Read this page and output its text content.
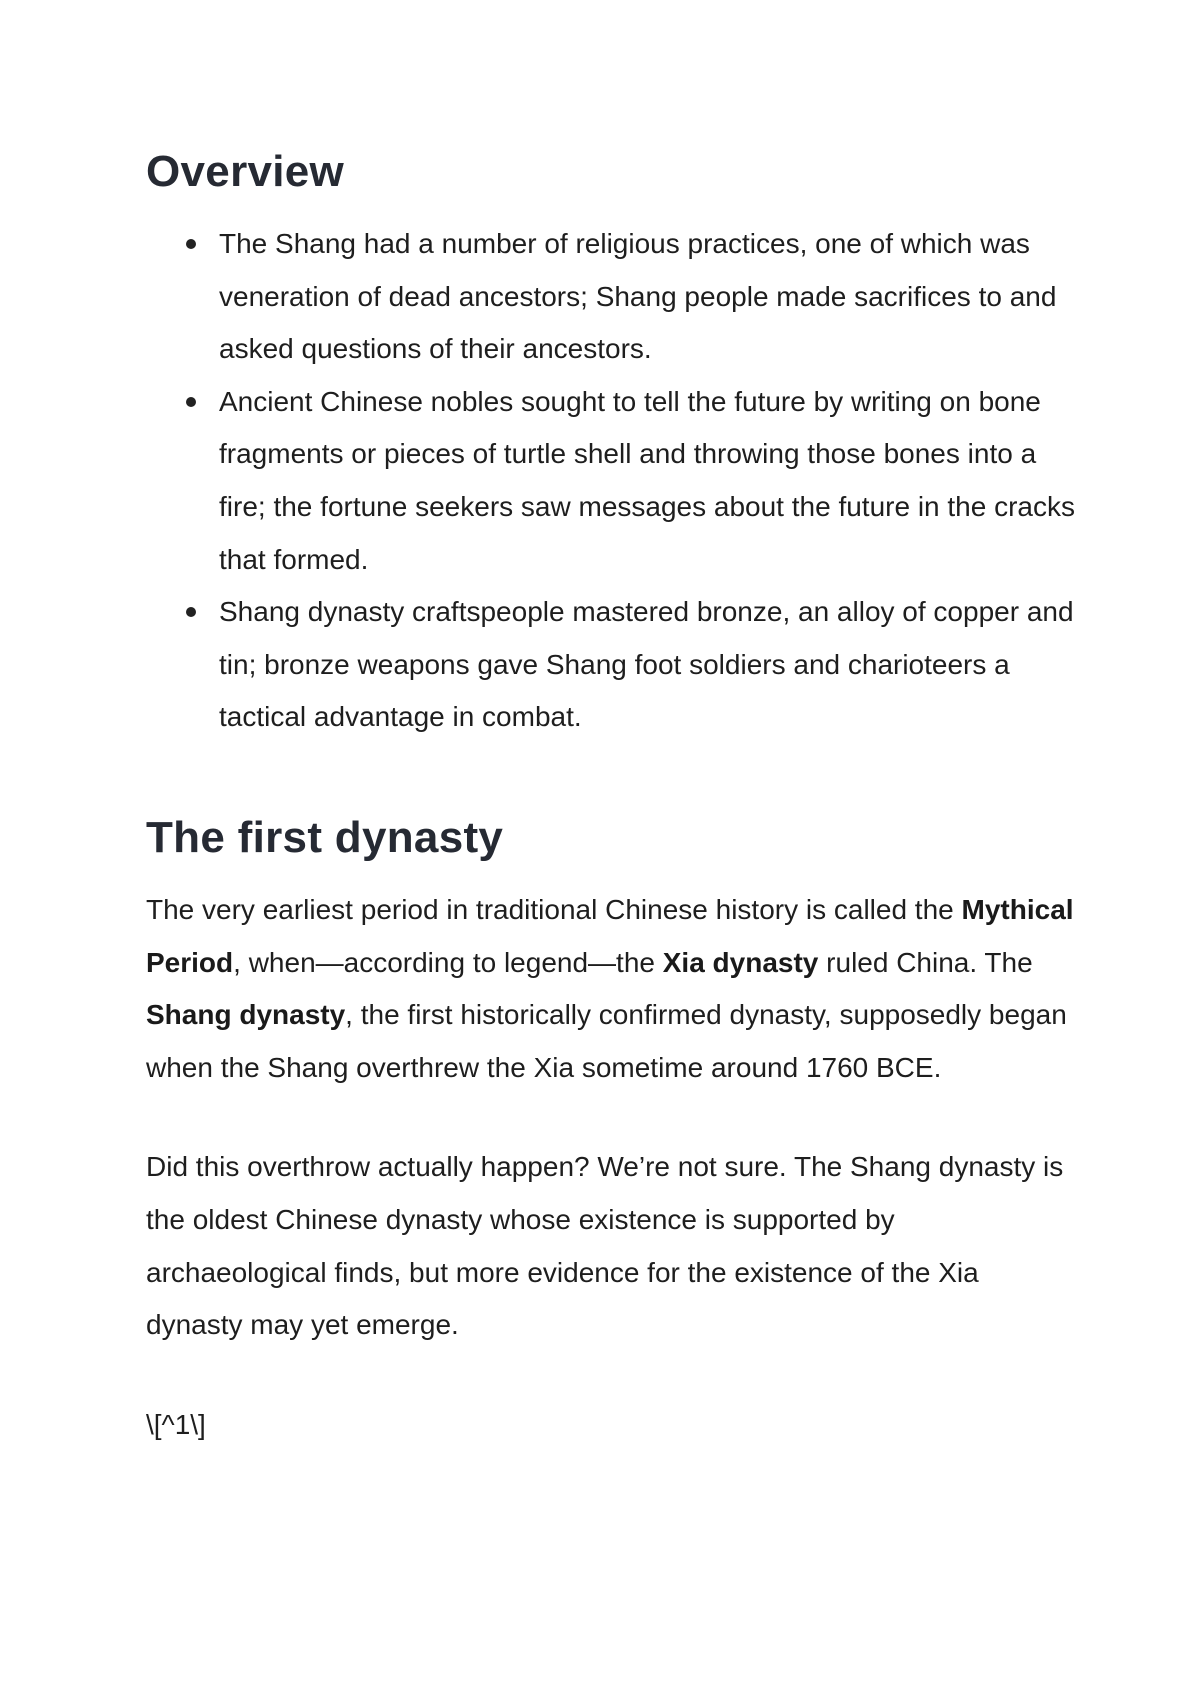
Overview
The Shang had a number of religious practices, one of which was veneration of dead ancestors; Shang people made sacrifices to and asked questions of their ancestors.
Ancient Chinese nobles sought to tell the future by writing on bone fragments or pieces of turtle shell and throwing those bones into a fire; the fortune seekers saw messages about the future in the cracks that formed.
Shang dynasty craftspeople mastered bronze, an alloy of copper and tin; bronze weapons gave Shang foot soldiers and charioteers a tactical advantage in combat.
The first dynasty

The very earliest period in traditional Chinese history is called the Mythical Period, when—according to legend—the Xia dynasty ruled China. The Shang dynasty, the first historically confirmed dynasty, supposedly began when the Shang overthrew the Xia sometime around 1760 BCE.

Did this overthrow actually happen? We’re not sure. The Shang dynasty is the oldest Chinese dynasty whose existence is supported by archaeological finds, but more evidence for the existence of the Xia dynasty may yet emerge.

\[^1\]
